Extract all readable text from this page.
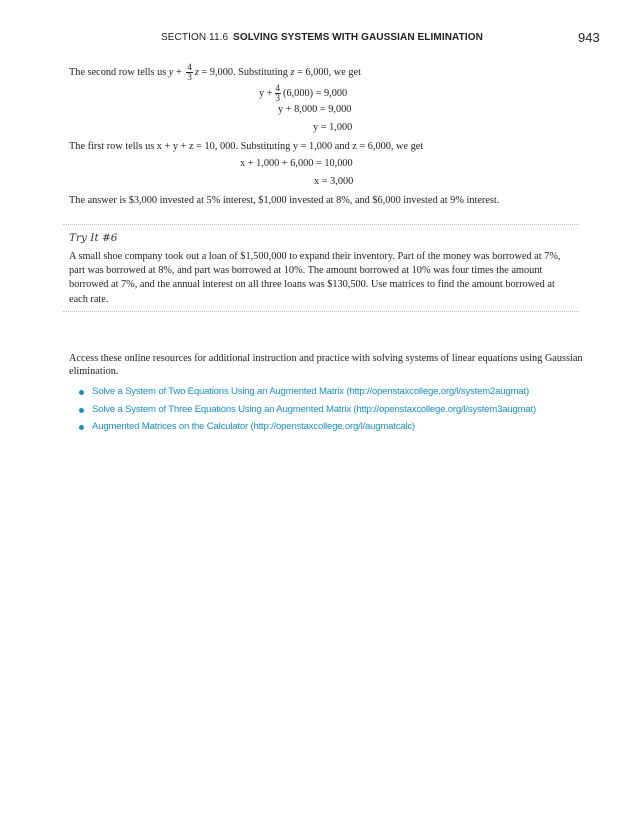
SECTION 11.6 SOLVING SYSTEMS WITH GAUSSIAN ELIMINATION	943
The second row tells us $y + \frac{4}{3}$ z = 9,000. Substituting z = 6,000, we get
$y + \frac{4}{3} (6,000) = 9,000$
y + 8,000 = 9,000
y = 1,000
The first row tells us x + y + z = 10, 000. Substituting y = 1,000 and z = 6,000, we get
x + 1,000 + 6,000 = 10,000
x = 3,000
The answer is $3,000 invested at 5% interest, $1,000 invested at 8%, and $6,000 invested at 9% interest.
Try It #6
A small shoe company took out a loan of $1,500,000 to expand their inventory. Part of the money was borrowed at 7%, part was borrowed at 8%, and part was borrowed at 10%. The amount borrowed at 10% was four times the amount borrowed at 7%, and the annual interest on all three loans was $130,500. Use matrices to find the amount borrowed at each rate.
Access these online resources for additional instruction and practice with solving systems of linear equations using Gaussian elimination.
Solve a System of Two Equations Using an Augmented Matrix (http://openstaxcollege.org/l/system2augmat)
Solve a System of Three Equations Using an Augmented Matrix (http://openstaxcollege.org/l/system3augmat)
Augmented Matrices on the Calculator (http://openstaxcollege.org/l/augmatcalc)
